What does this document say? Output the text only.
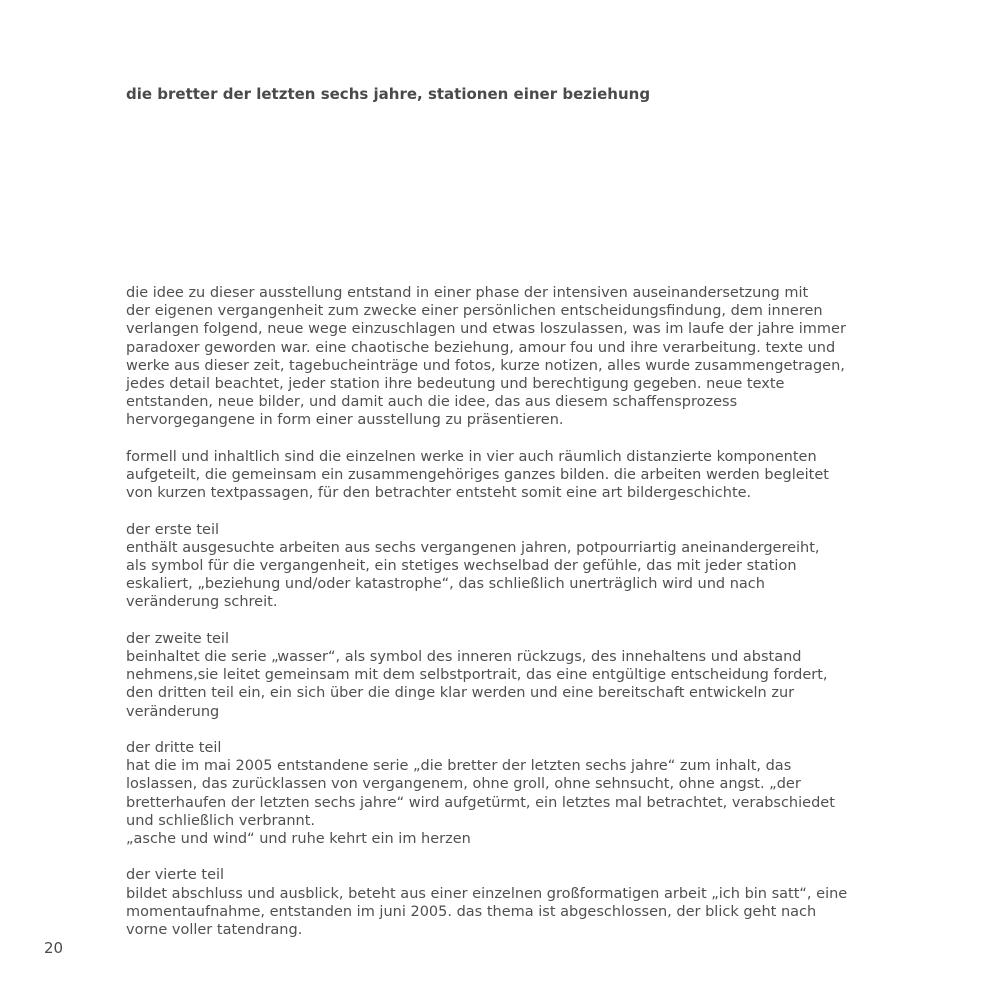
die bretter der letzten sechs jahre, stationen einer beziehung

die idee zu dieser ausstellung entstand in einer phase der intensiven auseinandersetzung mit
der eigenen vergangenheit zum zwecke einer persönlichen entscheidungsfindung, dem inneren
verlangen folgend, neue wege einzuschlagen und etwas loszulassen, was im laufe der jahre immer
paradoxer geworden war. eine chaotische beziehung, amour fou und ihre verarbeitung. texte und
werke aus dieser zeit, tagebucheinträge und fotos, kurze notizen, alles wurde zusammengetragen,
jedes detail beachtet, jeder station ihre bedeutung und berechtigung gegeben. neue texte
entstanden, neue bilder, und damit auch die idee, das aus diesem schaffensprozess
hervorgegangene in form einer ausstellung zu präsentieren.

formell und inhaltlich sind die einzelnen werke in vier auch räumlich distanzierte komponenten
aufgeteilt, die gemeinsam ein zusammengehöriges ganzes bilden. die arbeiten werden begleitet
von kurzen textpassagen, für den betrachter entsteht somit eine art bildergeschichte.

der erste teil
enthält ausgesuchte arbeiten aus sechs vergangenen jahren, potpourriartig aneinandergereiht,
als symbol für die vergangenheit, ein stetiges wechselbad der gefühle, das mit jeder station
eskaliert, „beziehung und/oder katastrophe“, das schließlich unerträglich wird und nach
veränderung schreit.

der zweite teil
beinhaltet die serie „wasser“, als symbol des inneren rückzugs, des innehaltens und abstand
nehmens,sie leitet gemeinsam mit dem selbstportrait, das eine entgültige entscheidung fordert,
den dritten teil ein, ein sich über die dinge klar werden und eine bereitschaft entwickeln zur
veränderung

der dritte teil
hat die im mai 2005 entstandene serie „die bretter der letzten sechs jahre“ zum inhalt, das
loslassen, das zurücklassen von vergangenem, ohne groll, ohne sehnsucht, ohne angst. „der
bretterhaufen der letzten sechs jahre“ wird aufgetürmt, ein letztes mal betrachtet, verabschiedet
und schließlich verbrannt.
„asche und wind“ und ruhe kehrt ein im herzen

der vierte teil
bildet abschluss und ausblick, beteht aus einer einzelnen großformatigen arbeit „ich bin satt“, eine
momentaufnahme, entstanden im juni 2005. das thema ist abgeschlossen, der blick geht nach
vorne voller tatendrang.

20
